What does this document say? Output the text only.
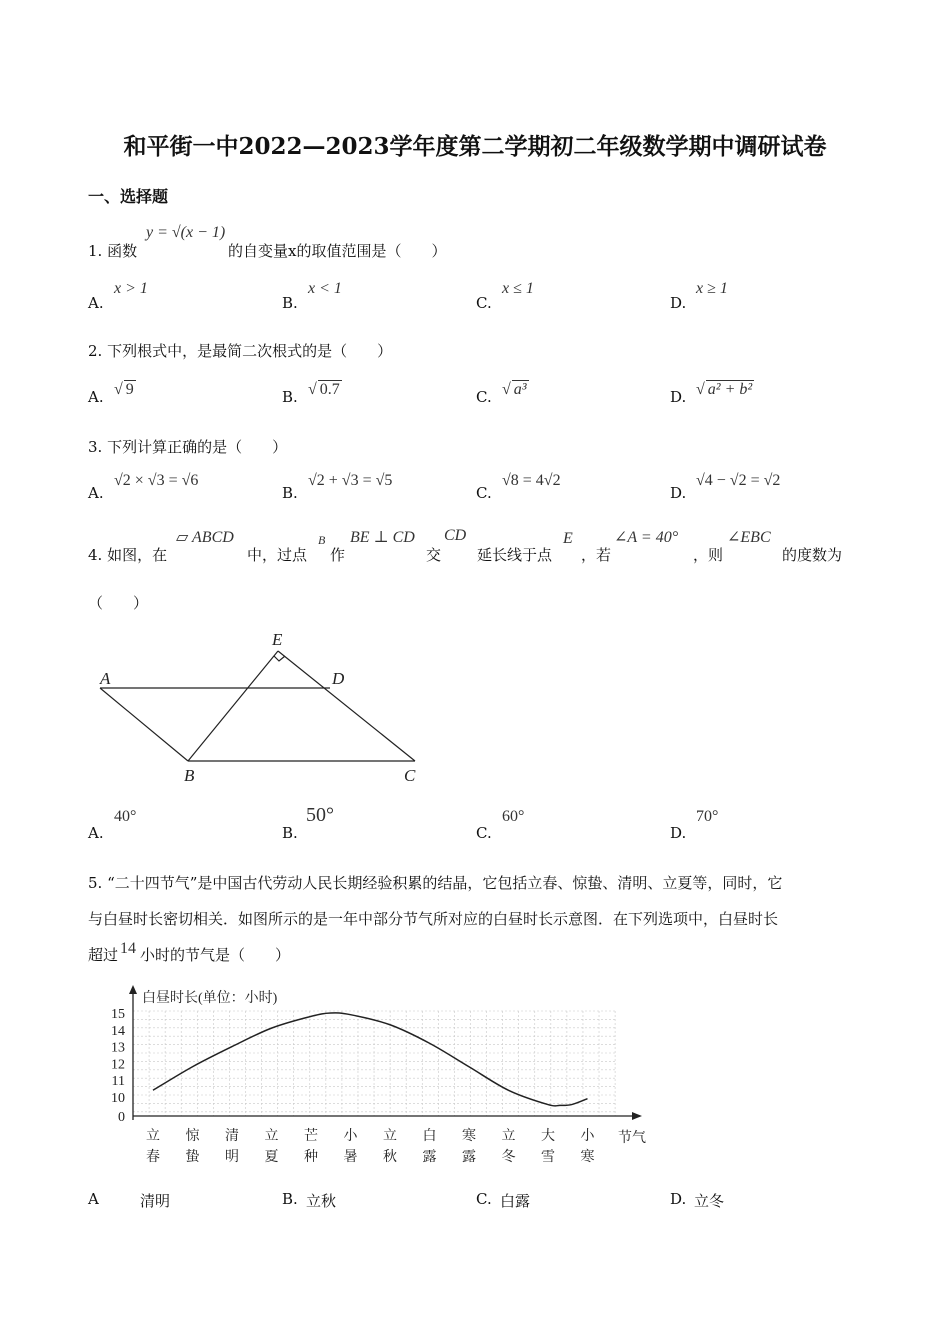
和平街一中2022—2023学年度第二学期初二年级数学期中调研试卷
一、选择题
1. 函数
y = √(x − 1)
的自变量x的取值范围是（　　）
A.
x > 1
B.
x < 1
C.
x ≤ 1
D.
x ≥ 1
2. 下列根式中，是最简二次根式的是（　　）
A. √ 9	B. √ 0.7	C. √ a³	D. √ a² + b²
3. 下列计算正确的是（　　）
A.
√2 × √3 = √6
B.
√2 + √3 = √5
C.
√8 = 4√2
D.
√4 − √2 = √2
4. 如图，在
▱ ABCD
中，过点
B
作
BE ⊥ CD
交
CD
延长线于点
E
，若
∠A = 40°
，则
∠EBC
的度数为
（　　）
E
A	D
B	C
A.
40°
B.
50°
C.
60°
D.
70°
5. “二十四节气”是中国古代劳动人民长期经验积累的结晶，它包括立春、惊蛰、清明、立夏等，同时，它
与白昼时长密切相关．如图所示的是一年中部分节气所对应的白昼时长示意图．在下列选项中，白昼时长
超过 14 小时的节气是（　　）
0
10
11
12
13
14
15
立
春
惊
蛰
清
明
立
夏
芒
种
小
暑
立
秋
白
露
寒
露
立
冬
大
雪
小
寒
白昼时长(单位：小时)
节气
A	清明	B. 立秋	C. 白露	D. 立冬
